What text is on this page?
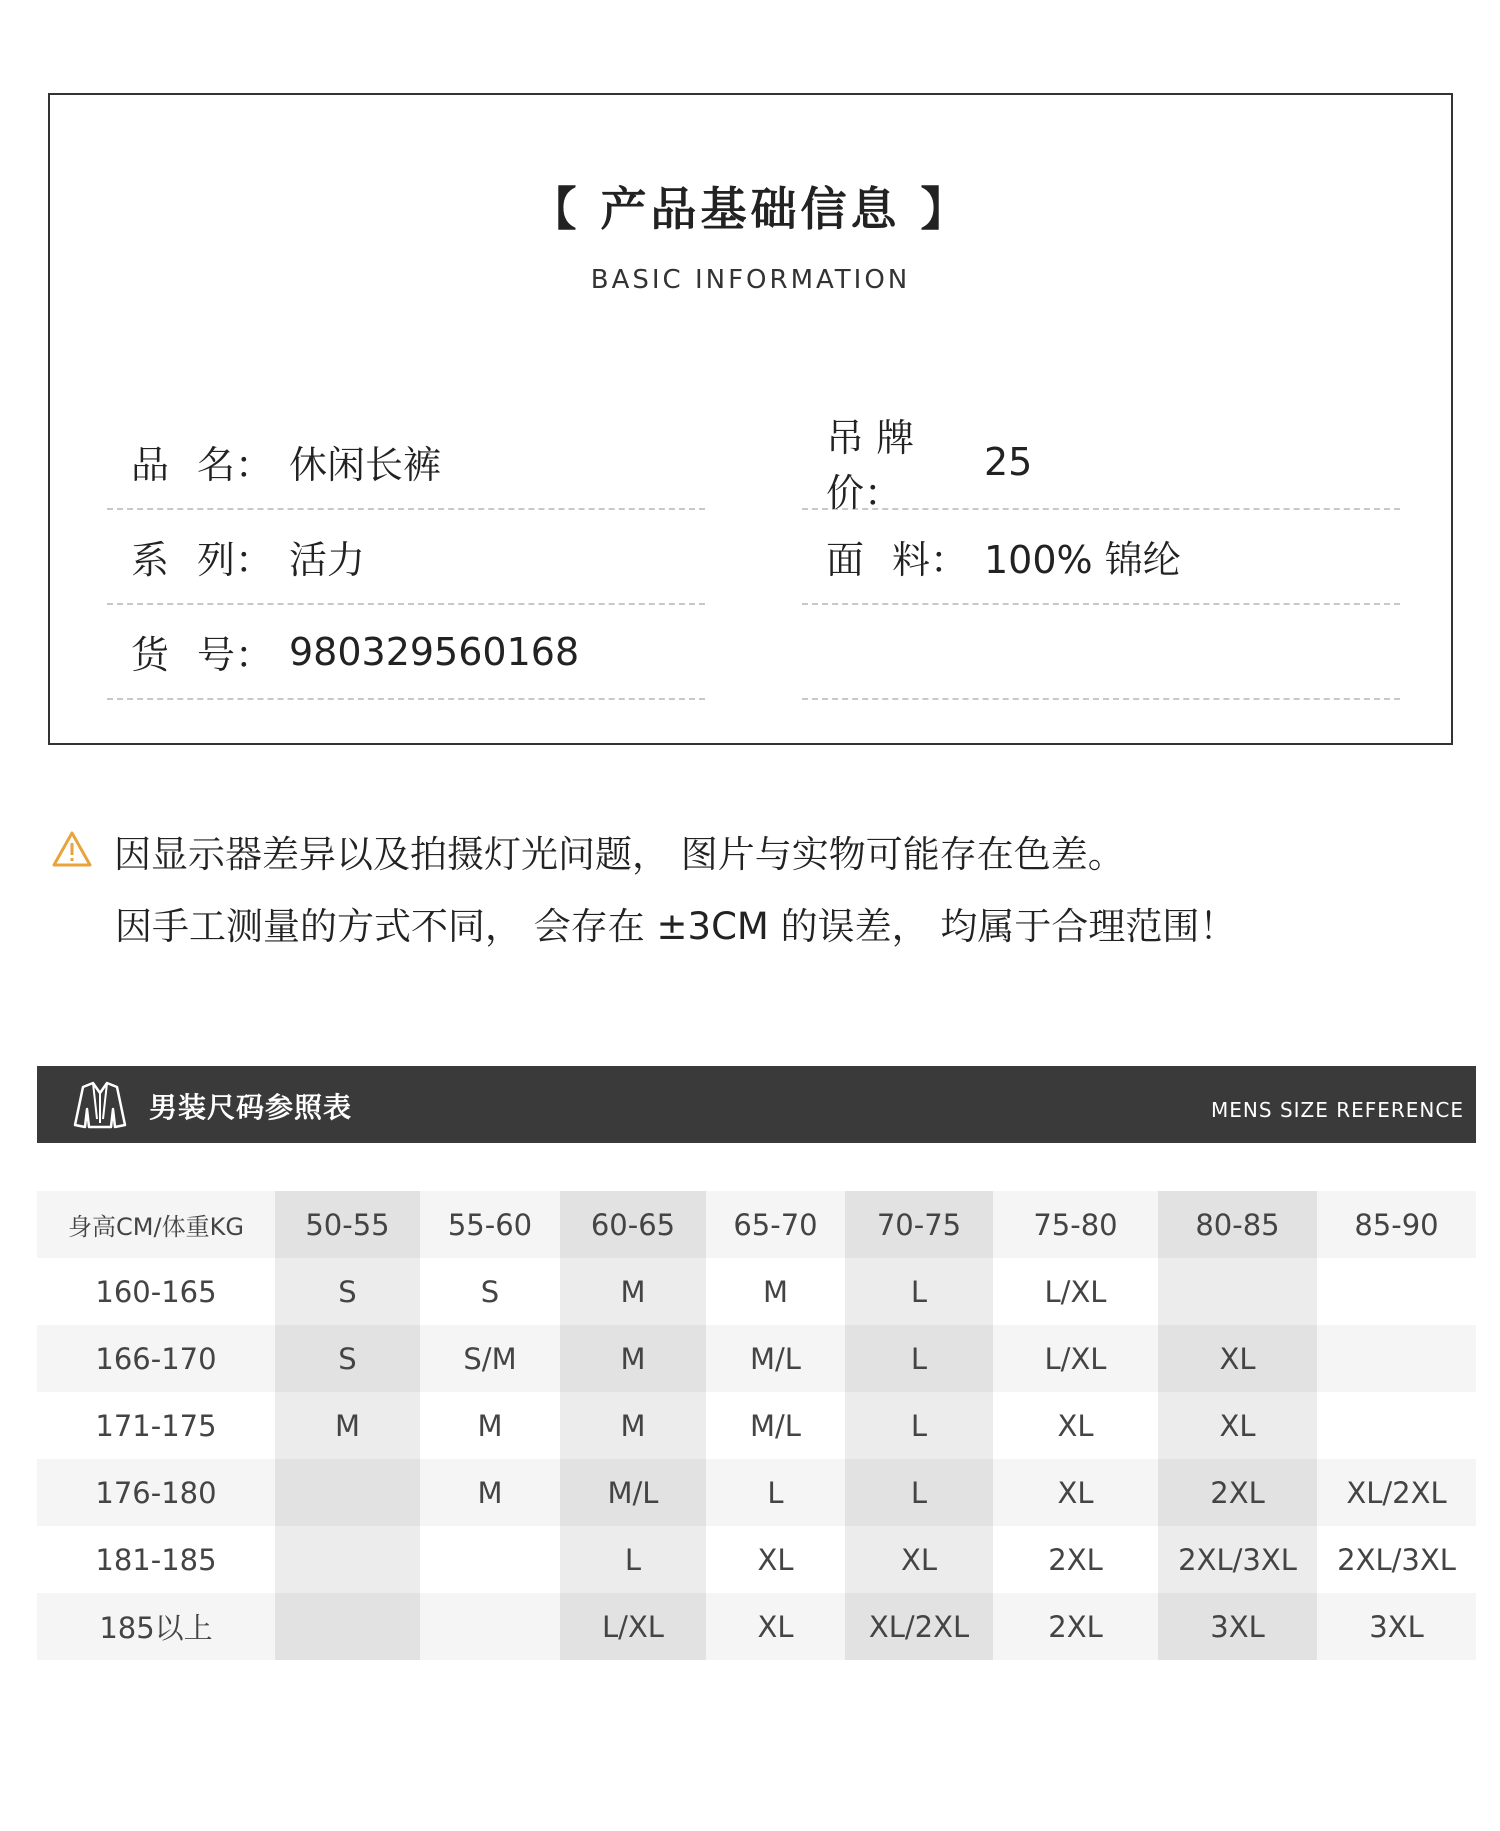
【 产品基础信息 】
BASIC INFORMATION
品 名： 休闲长裤
系 列： 活力
货 号： 980329560168
吊 牌 价：
25
面 料： 100% 锦纶
因显示器差异以及拍摄灯光问题， 图片与实物可能存在色差。
因手工测量的方式不同， 会存在 ±3CM 的误差， 均属于合理范围！
男装尺码参照表	MENS SIZE REFERENCE
身高CM/体重KG	50-55	55-60	60-65	65-70	70-75	75-80	80-85	85-90
160-165	S	S	M	M	L	L/XL		
166-170	S	S/M	M	M/L	L	L/XL	XL	
171-175	M	M	M	M/L	L	XL	XL	
176-180		M	M/L	L	L	XL	2XL	XL/2XL
181-185			L	XL	XL	2XL	2XL/3XL	2XL/3XL
185以上			L/XL	XL	XL/2XL	2XL	3XL	3XL
